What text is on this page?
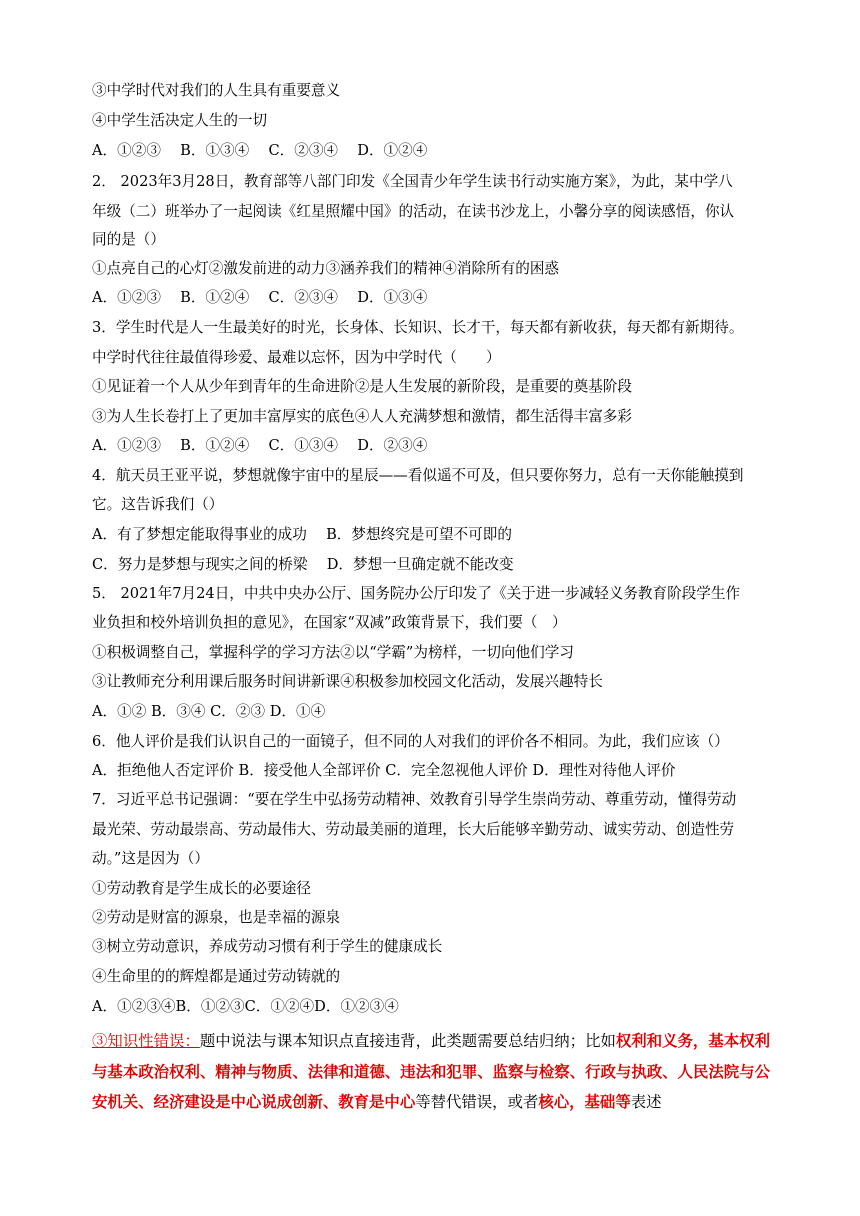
③中学时代对我们的人生具有重要意义
④中学生活决定人生的一切
A．①②③　 B．①③④　 C．②③④　 D．①②④
2． 2023年3月28日，教育部等八部门印发《全国青少年学生读书行动实施方案》，为此，某中学八
年级（二）班举办了一起阅读《红星照耀中国》的活动，在读书沙龙上，小馨分享的阅读感悟，你认
同的是（）
①点亮自己的心灯②激发前进的动力③涵养我们的精神④消除所有的困惑
A．①②③　 B．①②④　 C．②③④　 D．①③④
3．学生时代是人一生最美好的时光，长身体、长知识、长才干，每天都有新收获，每天都有新期待。
中学时代往往最值得珍爱、最难以忘怀，因为中学时代（　　）
①见证着一个人从少年到青年的生命进阶②是人生发展的新阶段，是重要的奠基阶段
③为人生长卷打上了更加丰富厚实的底色④人人充满梦想和激情，都生活得丰富多彩
A．①②③　 B．①②④　 C．①③④　 D．②③④
4．航天员王亚平说，梦想就像宇宙中的星辰——看似遥不可及，但只要你努力，总有一天你能触摸到
它。这告诉我们（）
A．有了梦想定能取得事业的成功　 B．梦想终究是可望不可即的
C．努力是梦想与现实之间的桥梁　 D．梦想一旦确定就不能改变
5． 2021年7月24日，中共中央办公厅、国务院办公厅印发了《关于进一步减轻义务教育阶段学生作
业负担和校外培训负担的意见》，在国家“双减”政策背景下，我们要（　）
①积极调整自己，掌握科学的学习方法②以“学霸”为榜样，一切向他们学习
③让教师充分利用课后服务时间讲新课④积极参加校园文化活动，发展兴趣特长
A．①② B．③④ C．②③ D．①④
6．他人评价是我们认识自己的一面镜子，但不同的人对我们的评价各不相同。为此，我们应该（）
A．拒绝他人否定评价 B．接受他人全部评价 C．完全忽视他人评价 D．理性对待他人评价
7．习近平总书记强调：“要在学生中弘扬劳动精神、效教育引导学生崇尚劳动、尊重劳动，懂得劳动
最光荣、劳动最崇高、劳动最伟大、劳动最美丽的道理，长大后能够辛勤劳动、诚实劳动、创造性劳
动。”这是因为（）
①劳动教育是学生成长的必要途径
②劳动是财富的源泉，也是幸福的源泉
③树立劳动意识，养成劳动习惯有利于学生的健康成长
④生命里的的辉煌都是通过劳动铸就的
A．①②③④B．①②③C．①②④D．①②③④
③知识性错误：题中说法与课本知识点直接违背，此类题需要总结归纳；比如权利和义务，基本权利与基本政治权利、精神与物质、法律和道德、违法和犯罪、监察与检察、行政与执政、人民法院与公安机关、经济建设是中心说成创新、教育是中心等替代错误，或者核心，基础等表述
